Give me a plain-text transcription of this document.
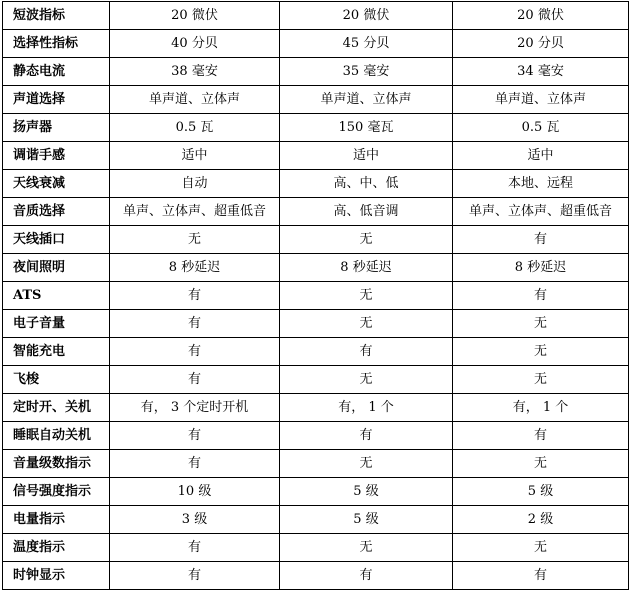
短波指标	20 微伏	20 微伏	20 微伏
选择性指标	40 分贝	45 分贝	20 分贝
静态电流	38 毫安	35 毫安	34 毫安
声道选择	单声道、立体声	单声道、立体声	单声道、立体声
扬声器	0.5 瓦	150 毫瓦	0.5 瓦
调谐手感	适中	适中	适中
天线衰减	自动	高、中、低	本地、远程
音质选择	单声、立体声、超重低音	高、低音调	单声、立体声、超重低音
天线插口	无	无	有
夜间照明	8 秒延迟	8 秒延迟	8 秒延迟
ATS	有	无	有
电子音量	有	无	无
智能充电	有	有	无
飞梭	有	无	无
定时开、关机	有， 3 个定时开机	有， 1 个	有， 1 个
睡眠自动关机	有	有	有
音量级数指示	有	无	无
信号强度指示	10 级	5 级	5 级
电量指示	3 级	5 级	2 级
温度指示	有	无	无
时钟显示	有	有	有
